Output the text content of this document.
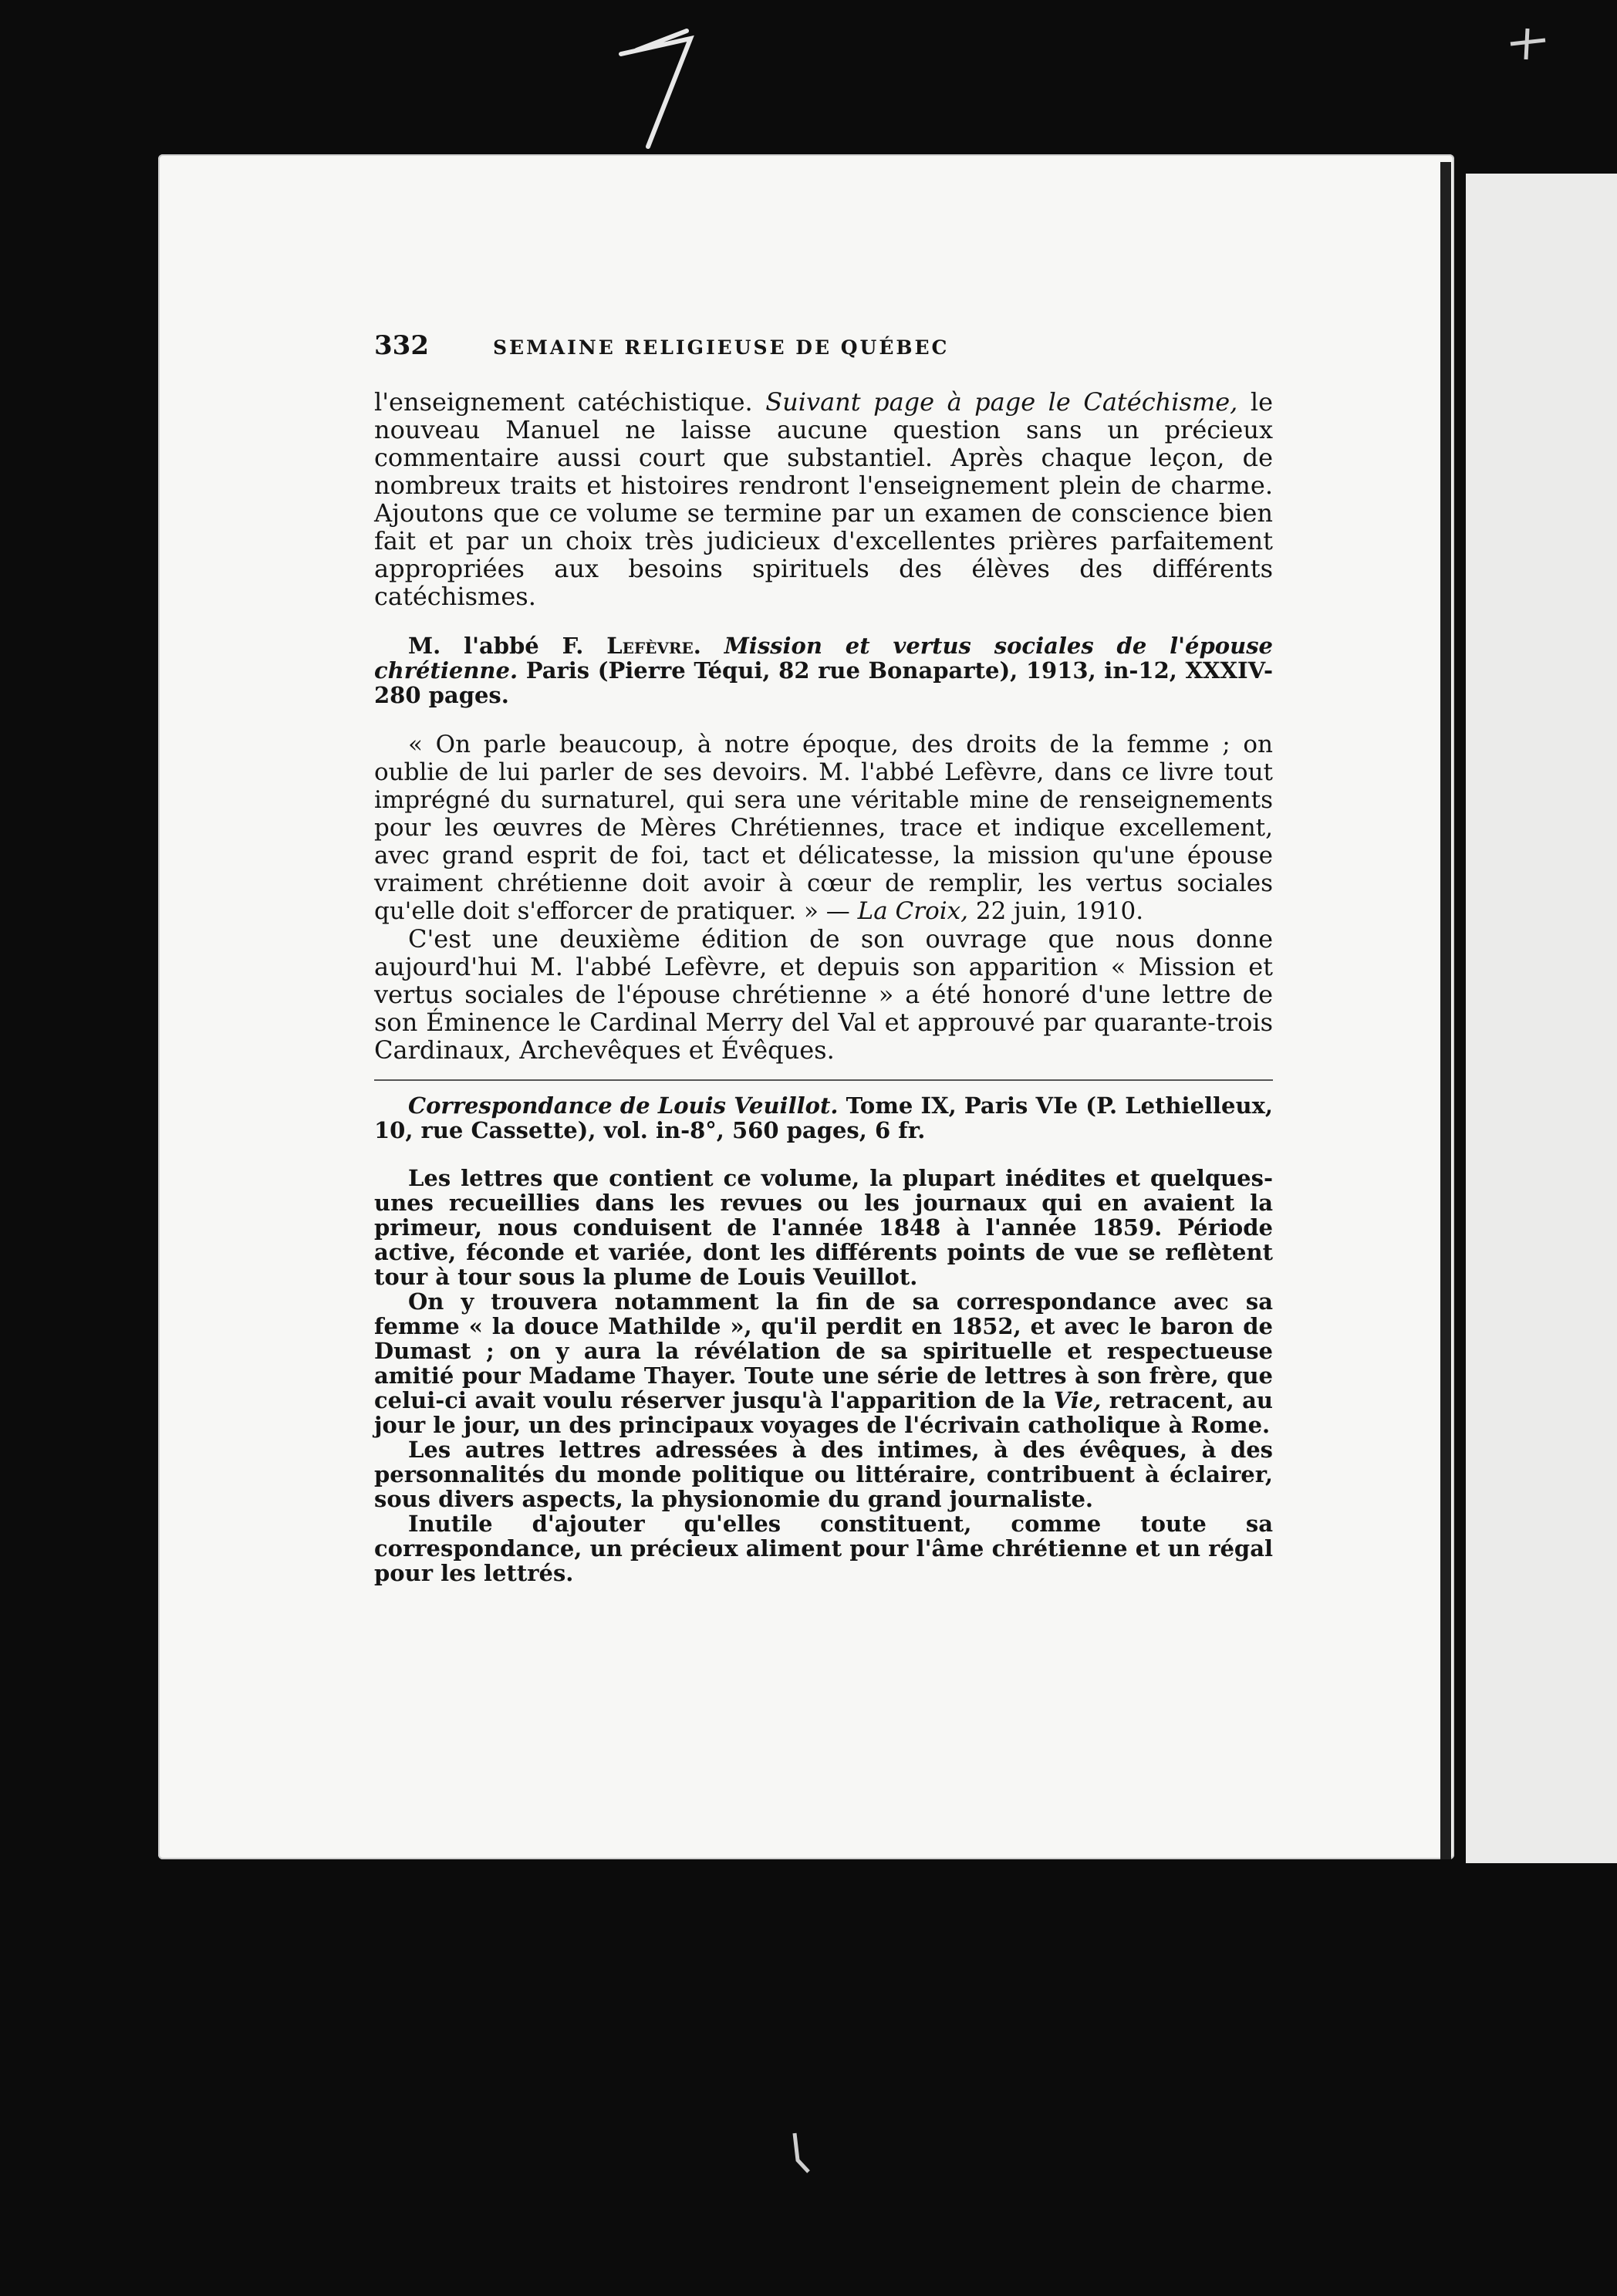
332	SEMAINE RELIGIEUSE DE QUÉBEC

l'enseignement catéchistique. Suivant page à page le Catéchisme, le nouveau Manuel ne laisse aucune question sans un précieux commentaire aussi court que substantiel. Après chaque leçon, de nombreux traits et histoires rendront l'enseignement plein de charme. Ajoutons que ce volume se termine par un examen de conscience bien fait et par un choix très judicieux d'excellentes prières parfaitement appropriées aux besoins spirituels des élèves des différents catéchismes.

M. l'abbé F. Lefèvre. Mission et vertus sociales de l'épouse chrétienne. Paris (Pierre Téqui, 82 rue Bonaparte), 1913, in-12, XXXIV-280 pages.

« On parle beaucoup, à notre époque, des droits de la femme ; on oublie de lui parler de ses devoirs. M. l'abbé Lefèvre, dans ce livre tout imprégné du surnaturel, qui sera une véritable mine de renseignements pour les œuvres de Mères Chrétiennes, trace et indique excellement, avec grand esprit de foi, tact et délicatesse, la mission qu'une épouse vraiment chrétienne doit avoir à cœur de remplir, les vertus sociales qu'elle doit s'efforcer de pratiquer. » — La Croix, 22 juin, 1910.

C'est une deuxième édition de son ouvrage que nous donne aujourd'hui M. l'abbé Lefèvre, et depuis son apparition « Mission et vertus sociales de l'épouse chrétienne » a été honoré d'une lettre de son Éminence le Cardinal Merry del Val et approuvé par quarante-trois Cardinaux, Archevêques et Évêques.

Correspondance de Louis Veuillot. Tome IX, Paris VIe (P. Lethielleux, 10, rue Cassette), vol. in-8°, 560 pages, 6 fr.

Les lettres que contient ce volume, la plupart inédites et quelques-unes recueillies dans les revues ou les journaux qui en avaient la primeur, nous conduisent de l'année 1848 à l'année 1859. Période active, féconde et variée, dont les différents points de vue se reflètent tour à tour sous la plume de Louis Veuillot.

On y trouvera notamment la fin de sa correspondance avec sa femme « la douce Mathilde », qu'il perdit en 1852, et avec le baron de Dumast ; on y aura la révélation de sa spirituelle et respectueuse amitié pour Madame Thayer. Toute une série de lettres à son frère, que celui-ci avait voulu réserver jusqu'à l'apparition de la Vie, retracent, au jour le jour, un des principaux voyages de l'écrivain catholique à Rome.

Les autres lettres adressées à des intimes, à des évêques, à des personnalités du monde politique ou littéraire, contribuent à éclairer, sous divers aspects, la physionomie du grand journaliste.

Inutile d'ajouter qu'elles constituent, comme toute sa correspondance, un précieux aliment pour l'âme chrétienne et un régal pour les lettrés.
